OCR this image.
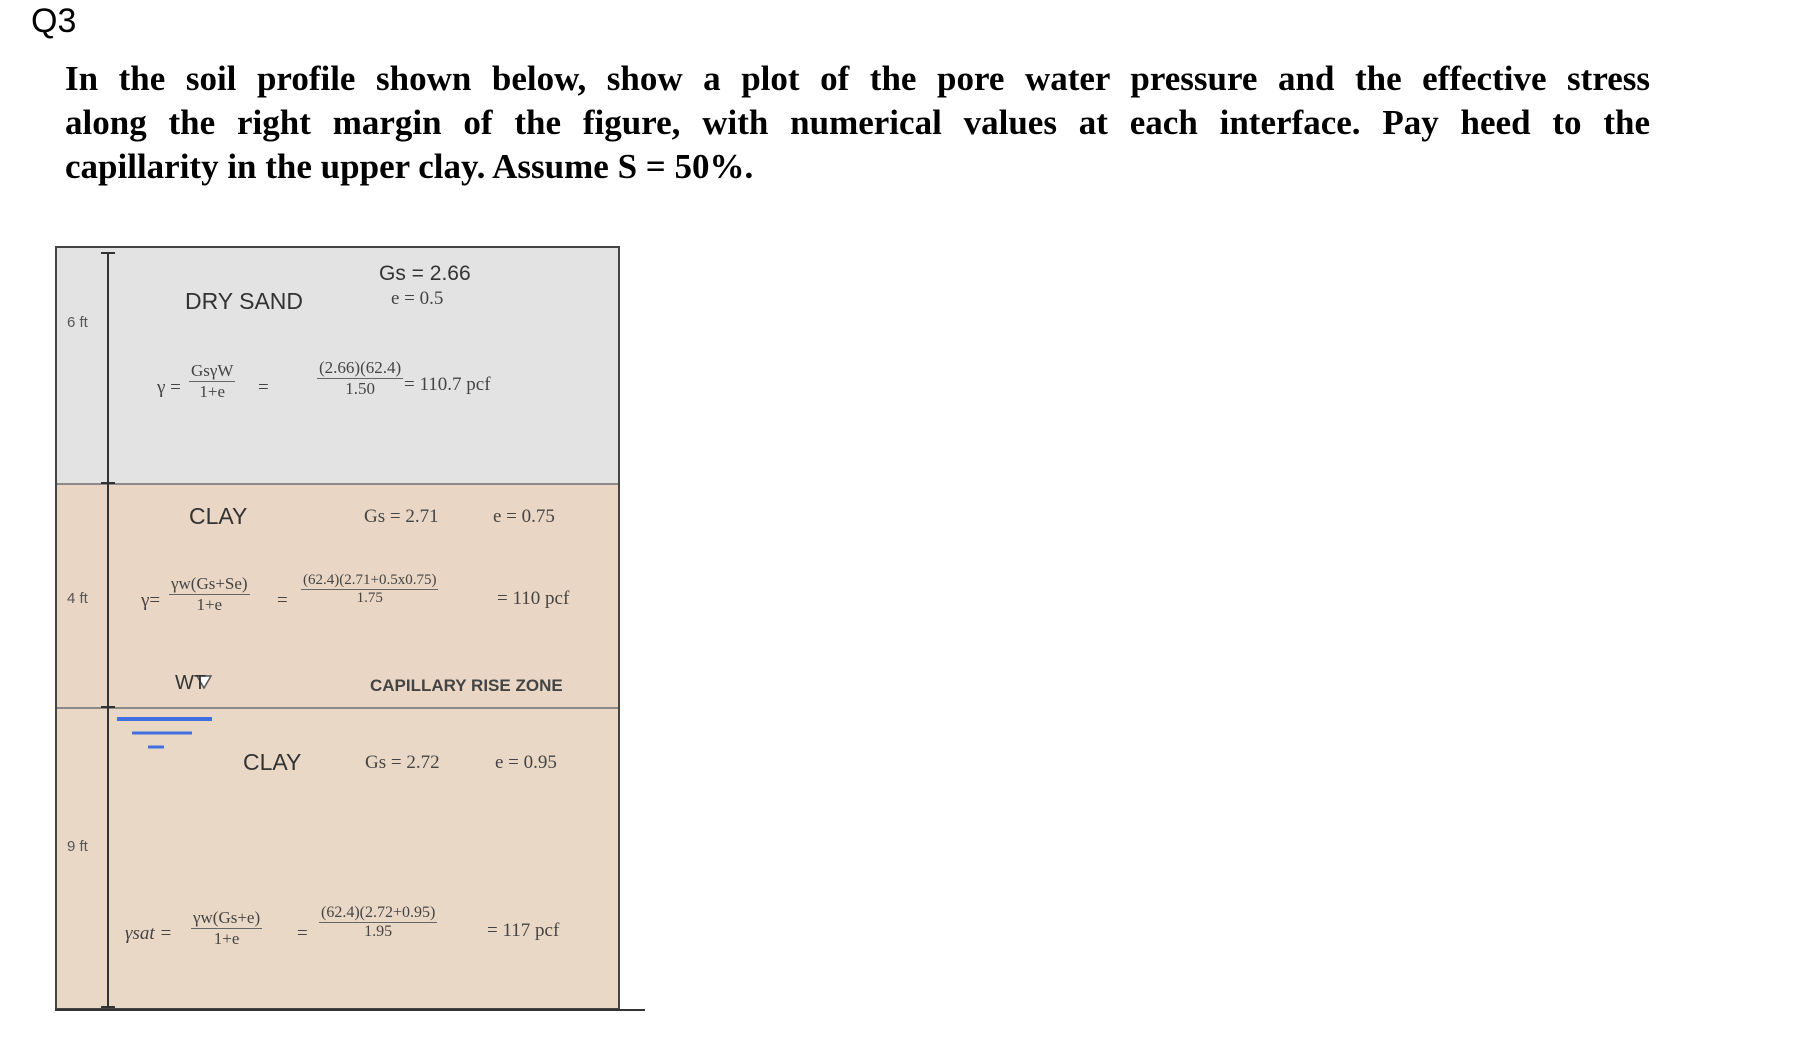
Q3
In the soil profile shown below, show a plot of the pore water pressure and the effective stress
along the right margin of the figure, with numerical values at each interface. Pay heed to the
capillarity in the upper clay. Assume S = 50%.
6 ft
4 ft
9 ft
DRY SAND
Gs = 2.66
e = 0.5
γ =
GsγW
1+e	=	$\frac{(2.66)(62.4)}{1.50} = 110.7$ pcf
CLAY	Gs = 2.71	e = 0.75
$\gamma= \frac{\gamma w(Gs+Se)}{1+e} = \frac{(62.4)(2.71+0.5x0.75)}{1.75}$	= 110 pcf
WT	CAPILLARY RISE ZONE
CLAY	Gs = 2.72	e = 0.95
$\gamma sat = \frac{\gamma w(Gs+e)}{1+e} = \frac{(62.4)(2.72+0.95)}{1.95}$	= 117 pcf
